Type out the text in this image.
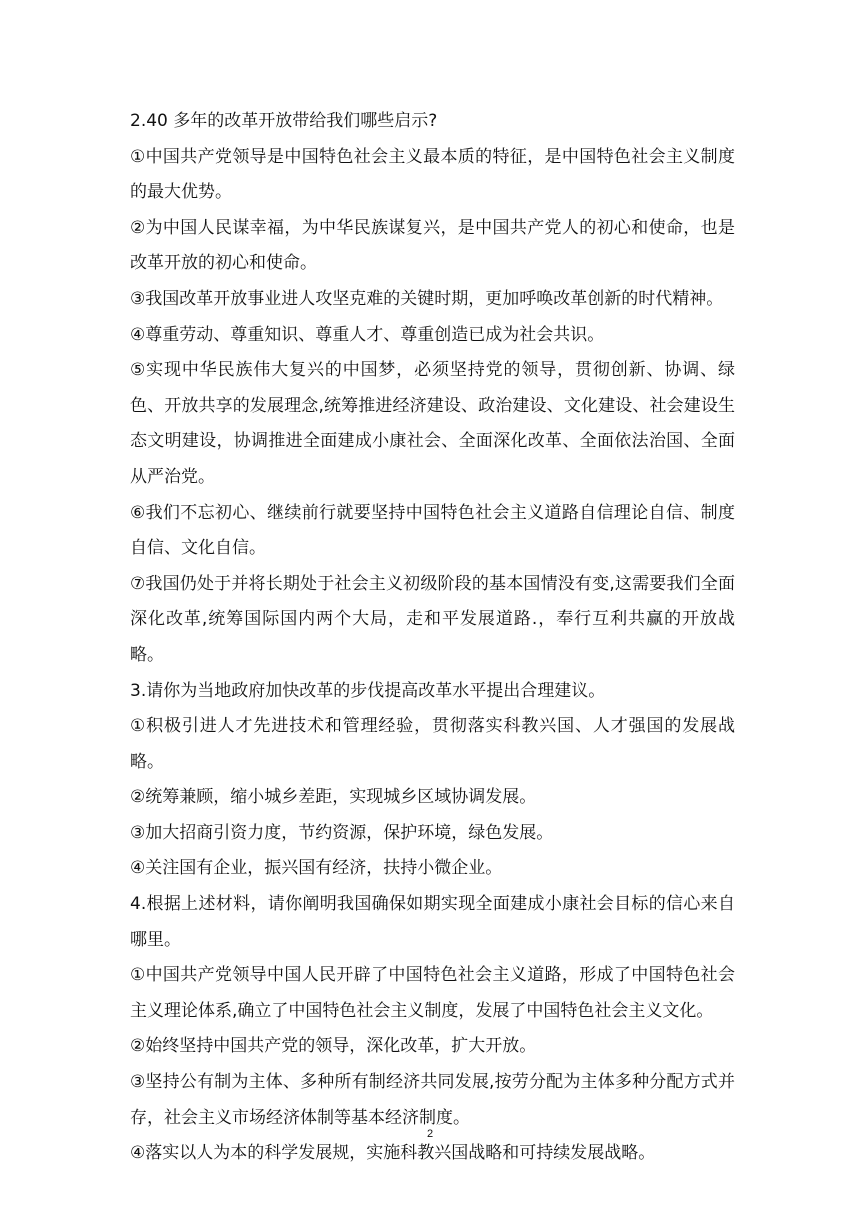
2.40 多年的改革开放带给我们哪些启示?

①中国共产党领导是中国特色社会主义最本质的特征，是中国特色社会主义制度的最大优势。

②为中国人民谋幸福，为中华民族谋复兴，是中国共产党人的初心和使命，也是改革开放的初心和使命。

③我国改革开放事业进人攻坚克难的关键时期，更加呼唤改革创新的时代精神。

④尊重劳动、尊重知识、尊重人才、尊重创造已成为社会共识。

⑤实现中华民族伟大复兴的中国梦，必须坚持党的领导，贯彻创新、协调、绿色、开放共享的发展理念,统筹推进经济建设、政治建设、文化建设、社会建设生态文明建设，协调推进全面建成小康社会、全面深化改革、全面依法治国、全面从严治党。

⑥我们不忘初心、继续前行就要坚持中国特色社会主义道路自信理论自信、制度自信、文化自信。

⑦我国仍处于并将长期处于社会主义初级阶段的基本国情没有变,这需要我们全面深化改革,统筹国际国内两个大局，走和平发展道路.，奉行互利共赢的开放战略。

3.请你为当地政府加快改革的步伐提高改革水平提出合理建议。

①积极引进人才先进技术和管理经验，贯彻落实科教兴国、人才强国的发展战略。

②统筹兼顾，缩小城乡差距，实现城乡区域协调发展。

③加大招商引资力度，节约资源，保护环境，绿色发展。

④关注国有企业，振兴国有经济，扶持小微企业。

4.根据上述材料，请你阐明我国确保如期实现全面建成小康社会目标的信心来自哪里。

①中国共产党领导中国人民开辟了中国特色社会主义道路，形成了中国特色社会主义理论体系,确立了中国特色社会主义制度，发展了中国特色社会主义文化。

②始终坚持中国共产党的领导，深化改革，扩大开放。

③坚持公有制为主体、多种所有制经济共同发展,按劳分配为主体多种分配方式并存，社会主义市场经济体制等基本经济制度。

④落实以人为本的科学发展规，实施科教兴国战略和可持续发展战略。

2
